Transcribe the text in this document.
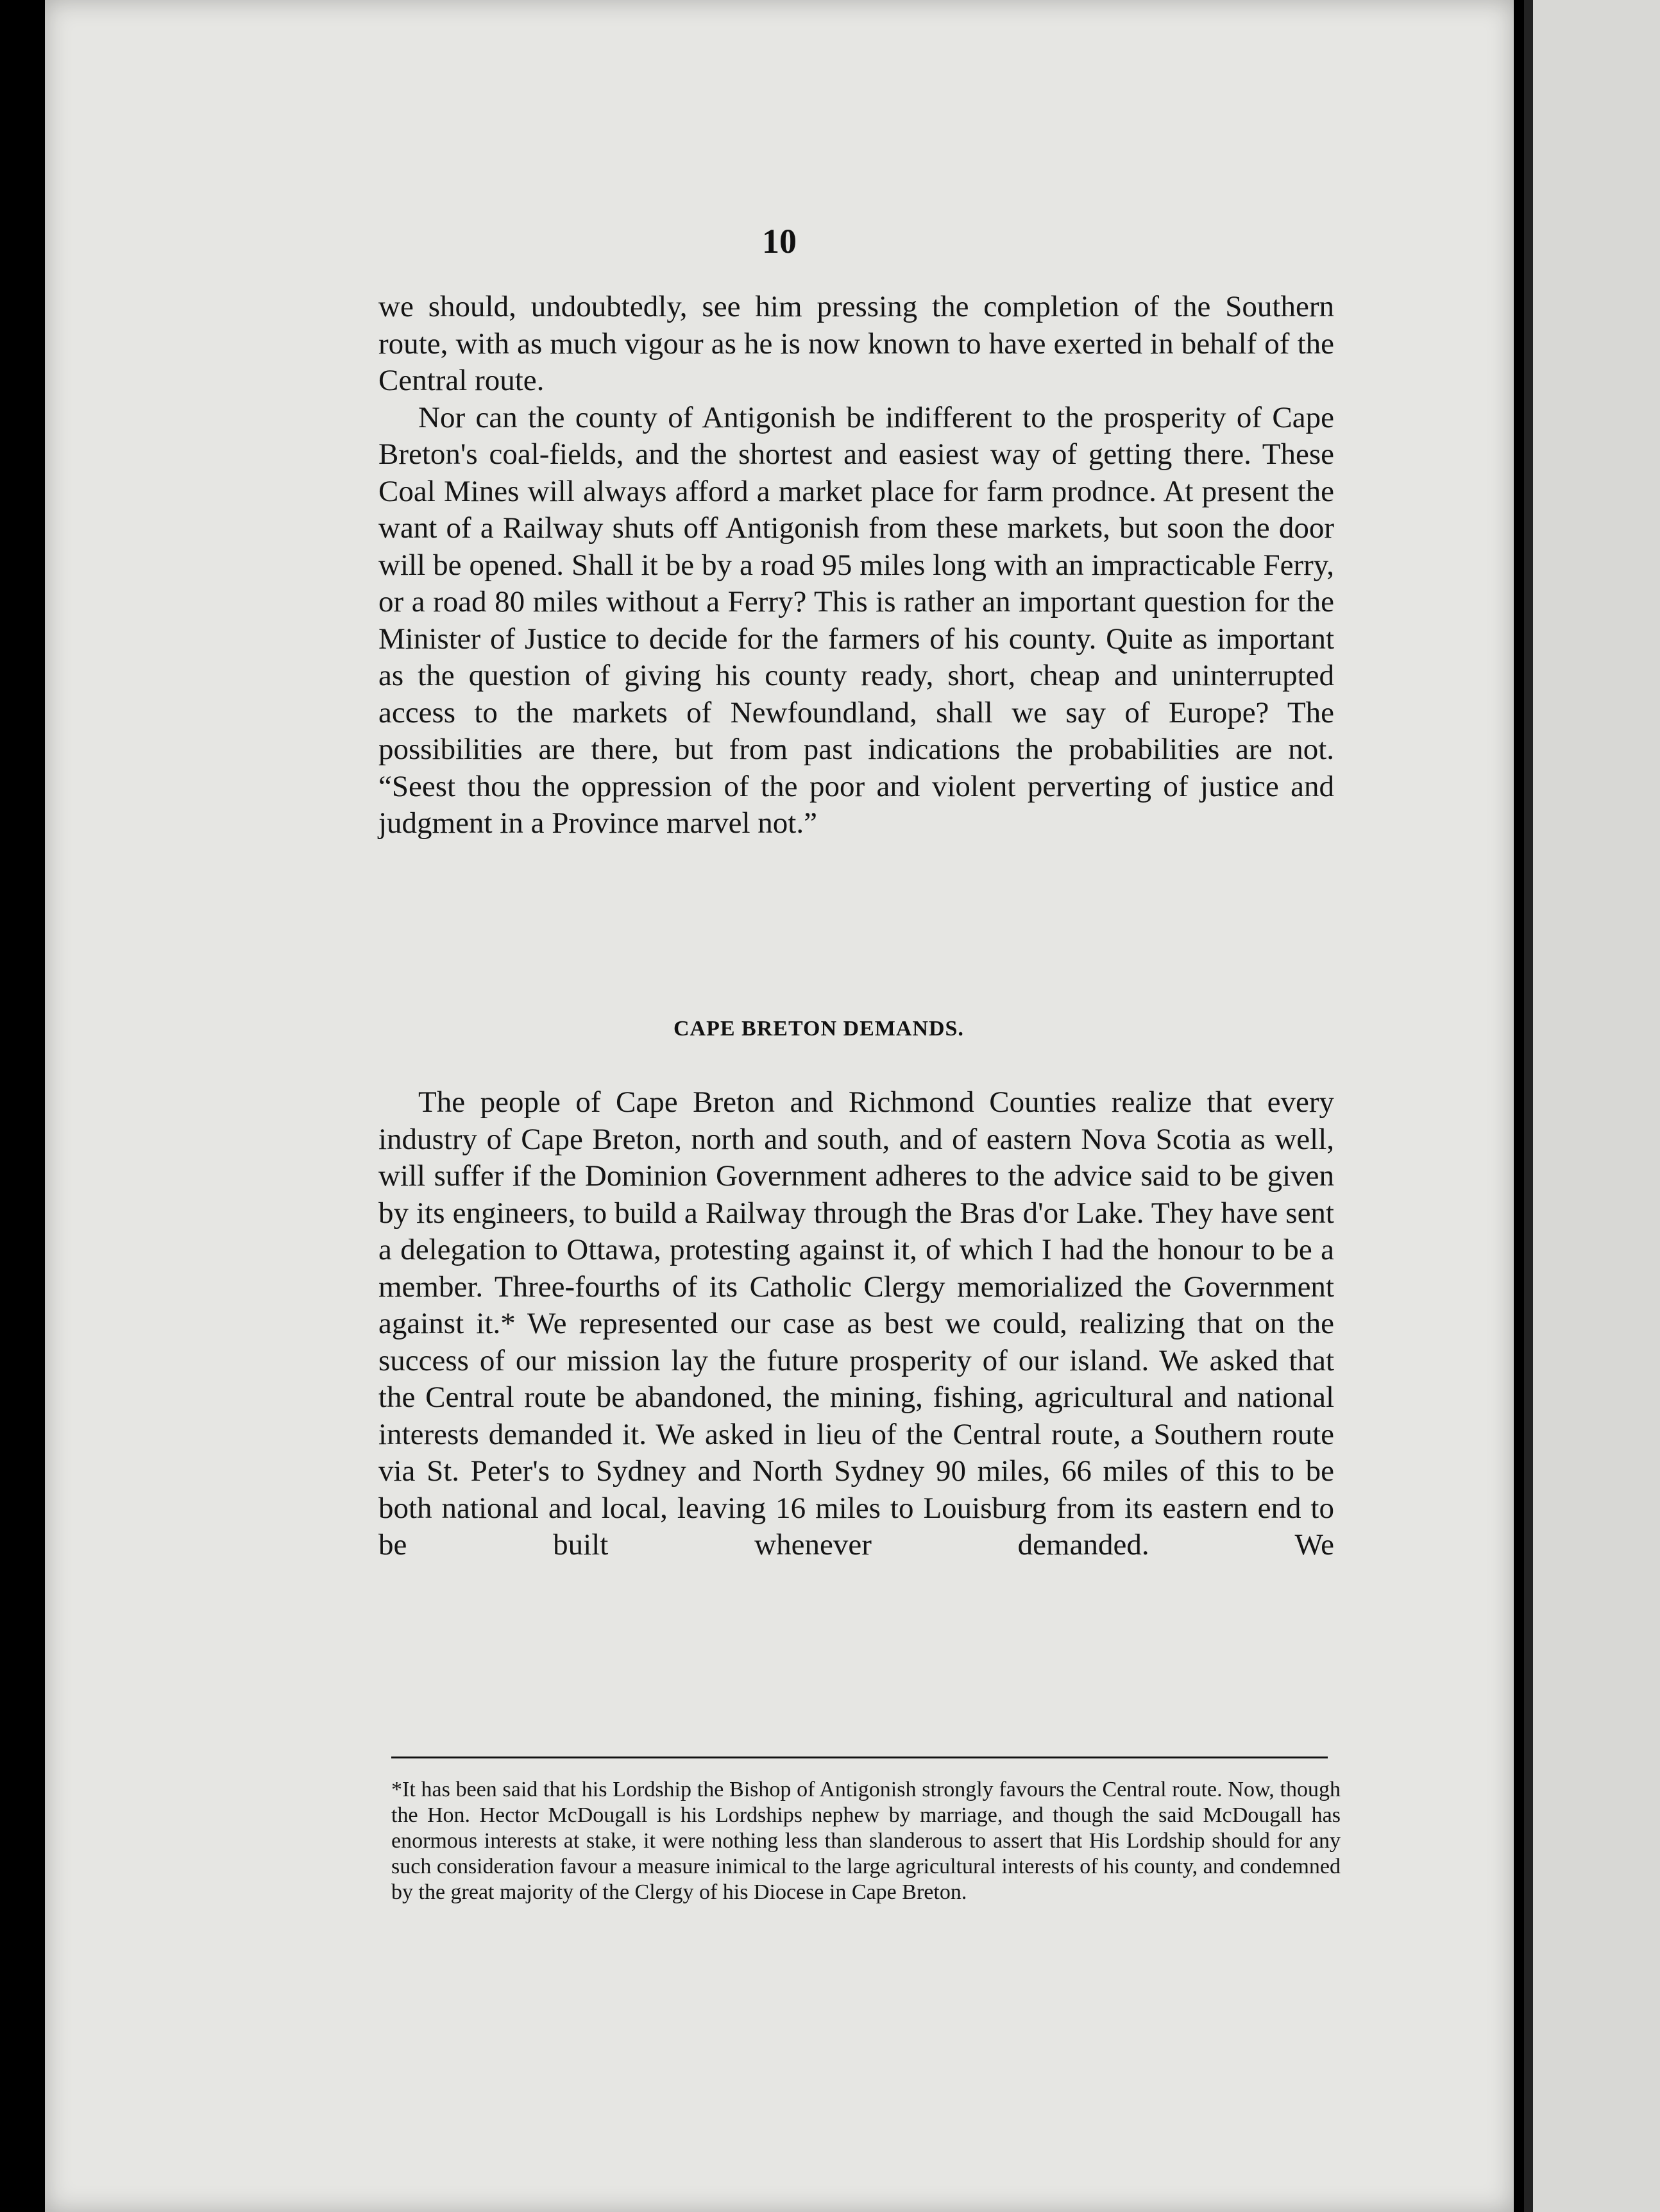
10

we should, undoubtedly, see him pressing the completion of the Southern route, with as much vigour as he is now known to have exerted in behalf of the Central route.

Nor can the county of Antigonish be indifferent to the prosperity of Cape Breton's coal-fields, and the shortest and easiest way of getting there. These Coal Mines will always afford a market place for farm prodnce. At present the want of a Railway shuts off Antigonish from these markets, but soon the door will be opened. Shall it be by a road 95 miles long with an impracticable Ferry, or a road 80 miles without a Ferry? This is rather an important question for the Minister of Justice to decide for the farmers of his county. Quite as important as the question of giving his county ready, short, cheap and uninterrupted access to the markets of Newfoundland, shall we say of Europe? The possibilities are there, but from past indications the probabilities are not. “Seest thou the oppression of the poor and violent perverting of justice and judgment in a Province marvel not.”

CAPE BRETON DEMANDS.

The people of Cape Breton and Richmond Counties realize that every industry of Cape Breton, north and south, and of eastern Nova Scotia as well, will suffer if the Dominion Government adheres to the advice said to be given by its engineers, to build a Railway through the Bras d'or Lake. They have sent a delegation to Ottawa, protesting against it, of which I had the honour to be a member. Three-fourths of its Catholic Clergy memorialized the Government against it.* We represented our case as best we could, realizing that on the success of our mission lay the future prosperity of our island. We asked that the Central route be abandoned, the mining, fishing, agricultural and national interests demanded it. We asked in lieu of the Central route, a Southern route via St. Peter's to Sydney and North Sydney 90 miles, 66 miles of this to be both national and local, leaving 16 miles to Louisburg from its eastern end to be built whenever demanded. We

*It has been said that his Lordship the Bishop of Antigonish strongly favours the Central route. Now, though the Hon. Hector McDougall is his Lordships nephew by marriage, and though the said McDougall has enormous interests at stake, it were nothing less than slanderous to assert that His Lordship should for any such consideration favour a measure inimical to the large agricultural interests of his county, and condemned by the great majority of the Clergy of his Diocese in Cape Breton.
